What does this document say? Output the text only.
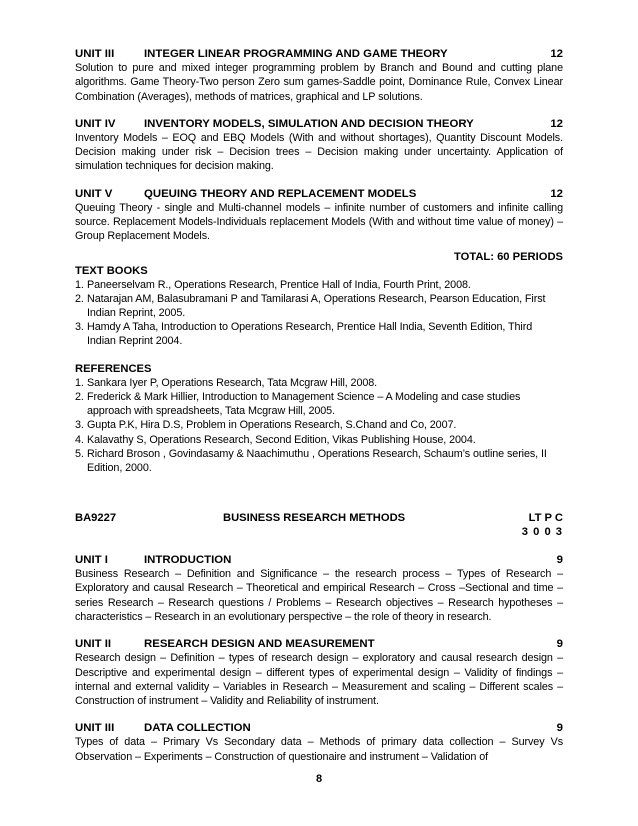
UNIT III	INTEGER LINEAR PROGRAMMING AND GAME THEORY	12
Solution to pure and mixed integer programming problem by Branch and Bound and cutting plane algorithms. Game Theory-Two person Zero sum games-Saddle point, Dominance Rule, Convex Linear Combination (Averages), methods of matrices, graphical and LP solutions.
UNIT IV INVENTORY MODELS, SIMULATION AND DECISION THEORY	12
Inventory Models – EOQ and EBQ Models (With and without shortages), Quantity Discount Models. Decision making under risk – Decision trees – Decision making under uncertainty. Application of simulation techniques for decision making.
UNIT V	QUEUING THEORY AND REPLACEMENT MODELS	12
Queuing Theory - single and Multi-channel models – infinite number of customers and infinite calling source. Replacement Models-Individuals replacement Models (With and without time value of money) – Group Replacement Models.
TOTAL: 60 PERIODS
TEXT BOOKS
1. Paneerselvam R., Operations Research, Prentice Hall of India, Fourth Print, 2008.
2. Natarajan AM, Balasubramani P and Tamilarasi A, Operations Research, Pearson Education, First Indian Reprint, 2005.
3. Hamdy A Taha, Introduction to Operations Research, Prentice Hall India, Seventh Edition, Third Indian Reprint 2004.
REFERENCES
1. Sankara Iyer P, Operations Research, Tata Mcgraw Hill, 2008.
2. Frederick & Mark Hillier, Introduction to Management Science – A Modeling and case studies approach with spreadsheets, Tata Mcgraw Hill, 2005.
3. Gupta P.K, Hira D.S, Problem in Operations Research, S.Chand and Co, 2007.
4. Kalavathy S, Operations Research, Second Edition, Vikas Publishing House, 2004.
5. Richard Broson , Govindasamy & Naachimuthu , Operations Research, Schaum’s outline series, II Edition, 2000.
BA9227	BUSINESS RESEARCH METHODS	LT P C
3 0 0 3
UNIT I	INTRODUCTION	9
Business Research – Definition and Significance – the research process – Types of Research – Exploratory and causal Research – Theoretical and empirical Research – Cross –Sectional and time – series Research – Research questions / Problems – Research objectives – Research hypotheses – characteristics – Research in an evolutionary perspective – the role of theory in research.
UNIT II	RESEARCH DESIGN AND MEASUREMENT	9
Research design – Definition – types of research design – exploratory and causal research design – Descriptive and experimental design – different types of experimental design – Validity of findings – internal and external validity – Variables in Research – Measurement and scaling – Different scales – Construction of instrument – Validity and Reliability of instrument.
UNIT III	DATA COLLECTION	9
Types of data – Primary Vs Secondary data – Methods of primary data collection – Survey Vs Observation – Experiments – Construction of questionaire and instrument – Validation of
8
